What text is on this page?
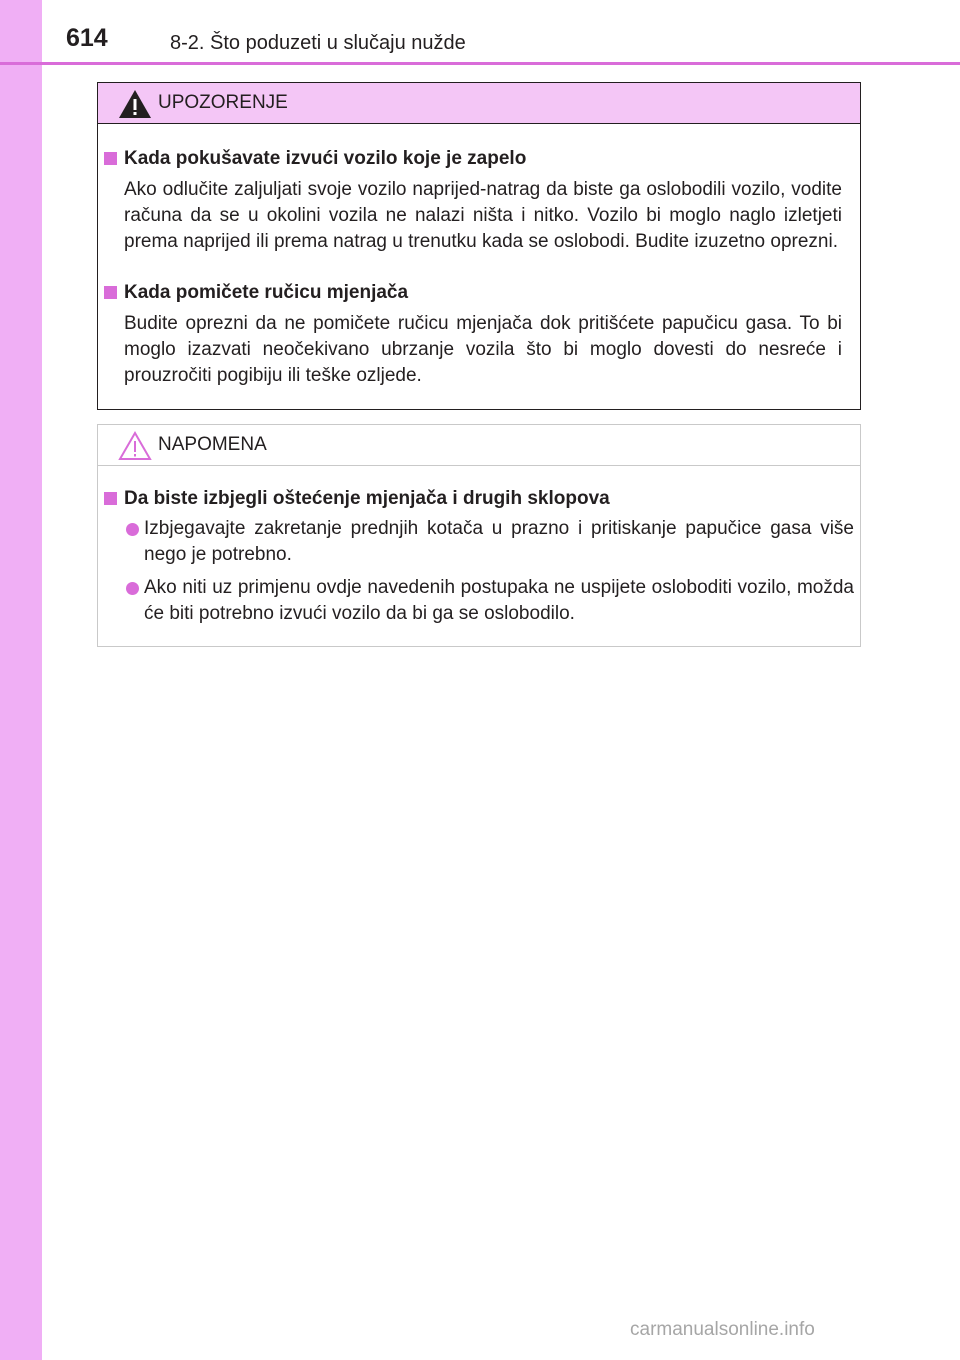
614	8-2. Što poduzeti u slučaju nužde
UPOZORENJE
Kada pokušavate izvući vozilo koje je zapelo
Ako odlučite zaljuljati svoje vozilo naprijed-natrag da biste ga oslobodili vozilo, vodite računa da se u okolini vozila ne nalazi ništa i nitko. Vozilo bi moglo naglo izletjeti prema naprijed ili prema natrag u trenutku kada se oslobodi. Budite izuzetno oprezni.
Kada pomičete ručicu mjenjača
Budite oprezni da ne pomičete ručicu mjenjača dok pritišćete papučicu gasa. To bi moglo izazvati neočekivano ubrzanje vozila što bi moglo dovesti do nesreće i prouzročiti pogibiju ili teške ozljede.
NAPOMENA
Da biste izbjegli oštećenje mjenjača i drugih sklopova
Izbjegavajte zakretanje prednjih kotača u prazno i pritiskanje papučice gasa više nego je potrebno.
Ako niti uz primjenu ovdje navedenih postupaka ne uspijete osloboditi vozilo, možda će biti potrebno izvući vozilo da bi ga se oslobodilo.
carmanualsonline.info
